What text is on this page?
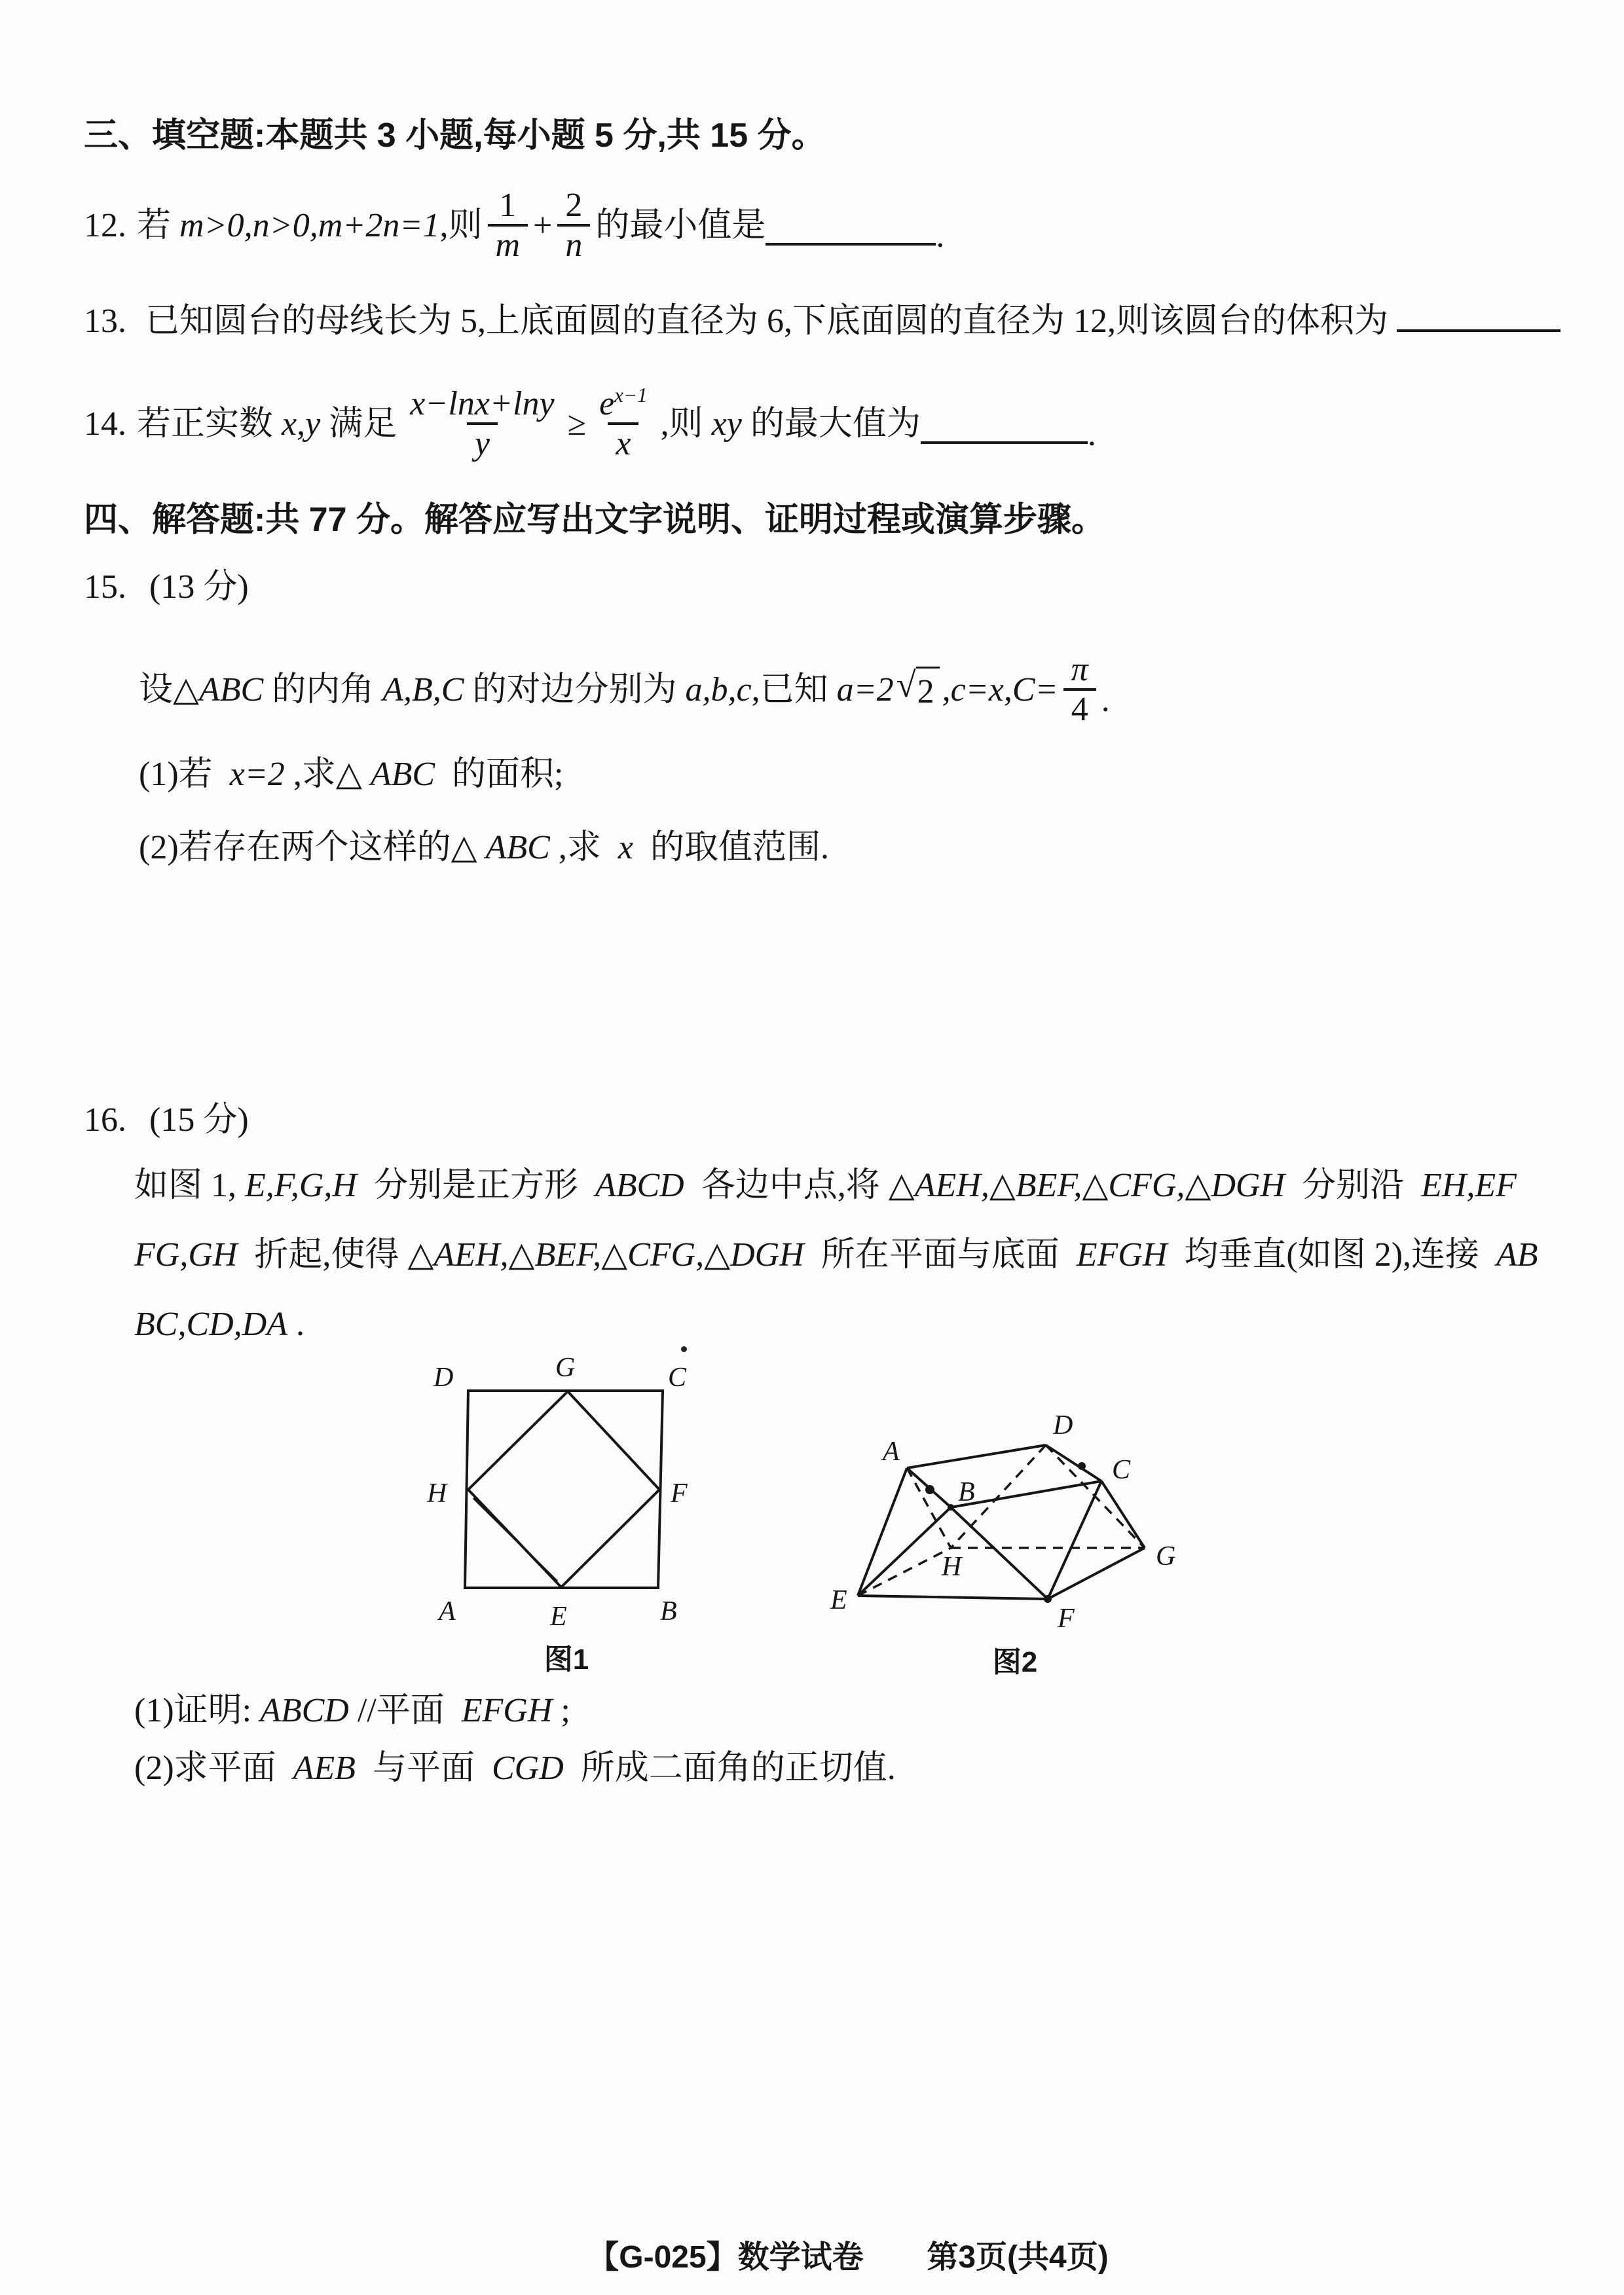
三、填空题:本题共 3 小题,每小题 5 分,共 15 分。
12. 若 m>0,n>0,m+2n=1 ,则 $\frac{1}{m} + \frac{2}{n}$ 的最小值是	.
13. 已知圆台的母线长为 5,上底面圆的直径为 6,下底面圆的直径为 12,则该圆台的体积为
14. 若正实数 x,y 满足 $\frac{x-\ln x+\ln y}{y} \ge \frac{e^{x-1}}{x}$ ,则 xy 的最大值为	.
四、解答题:共 77 分。解答应写出文字说明、证明过程或演算步骤。
15. (13 分)
设△ ABC 的内角 A,B,C 的对边分别为 a,b,c ,已知 a=2 √ 2 $,c=x,C= \frac{\pi}{4}$ .
(1)若  x=2 ,求△ ABC  的面积;
(2)若存在两个这样的△ ABC ,求  x  的取值范围.
16. (15 分)
如图 1, E,F,G,H  分别是正方形  ABCD  各边中点,将 △AEH,△BEF,△CFG,△DGH  分别沿  EH,EF
FG,GH  折起,使得 △AEH,△BEF,△CFG,△DGH  所在平面与底面  EFGH  均垂直(如图 2),连接  AB
BC,CD,DA .
D	G	C
H	F
A	E	B
图1
A
D
C
B
G
H
E
F
图2
(1)证明: ABCD //平面  EFGH ;
(2)求平面  AEB  与平面  CGD  所成二面角的正切值.
【G-025】数学试卷 第3页(共4页)
